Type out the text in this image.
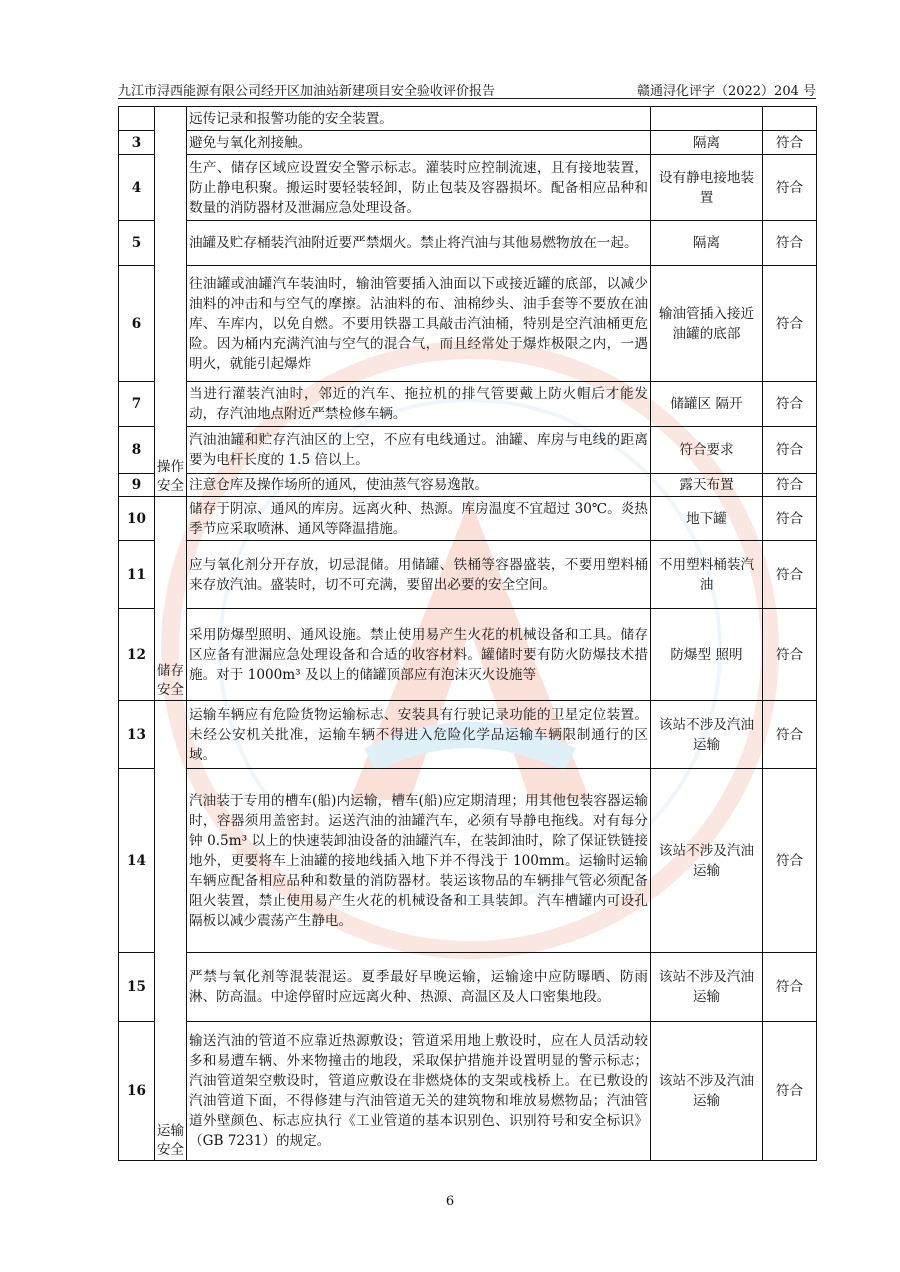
九江市浔西能源有限公司经开区加油站新建项目安全验收评价报告	赣通浔化评字（2022）204 号
	操作安全	远传记录和报警功能的安全装置。		
3		避免与氧化剂接触。	隔离	符合
4		生产、储存区域应设置安全警示标志。灌装时应控制流速，且有接地装置，防止静电积聚。搬运时要轻装轻卸，防止包装及容器损坏。配备相应品种和数量的消防器材及泄漏应急处理设备。	设有静电接地装置	符合
5		油罐及贮存桶装汽油附近要严禁烟火。禁止将汽油与其他易燃物放在一起。	隔离	符合
6		往油罐或油罐汽车装油时，输油管要插入油面以下或接近罐的底部，以减少油料的冲击和与空气的摩擦。沾油料的布、油棉纱头、油手套等不要放在油库、车库内，以免自燃。不要用铁器工具敲击汽油桶，特别是空汽油桶更危险。因为桶内充满汽油与空气的混合气，而且经常处于爆炸极限之内，一遇明火，就能引起爆炸	输油管插入接近油罐的底部	符合
7		当进行灌装汽油时，邻近的汽车、拖拉机的排气管要戴上防火帽后才能发动，存汽油地点附近严禁检修车辆。	储罐区 隔开	符合
8		汽油油罐和贮存汽油区的上空，不应有电线通过。油罐、库房与电线的距离要为电杆长度的 1.5 倍以上。	符合要求	符合
9		注意仓库及操作场所的通风，使油蒸气容易逸散。	露天布置	符合
10	储存安全	储存于阴凉、通风的库房。远离火种、热源。库房温度不宜超过 30℃。炎热季节应采取喷淋、通风等降温措施。	地下罐	符合
11		应与氧化剂分开存放，切忌混储。用储罐、铁桶等容器盛装，不要用塑料桶来存放汽油。盛装时，切不可充满，要留出必要的安全空间。	不用塑料桶装汽油	符合
12		采用防爆型照明、通风设施。禁止使用易产生火花的机械设备和工具。储存区应备有泄漏应急处理设备和合适的收容材料。罐储时要有防火防爆技术措施。对于 1000m³ 及以上的储罐顶部应有泡沫灭火设施等	防爆型 照明	符合
13	运输安全	运输车辆应有危险货物运输标志、安装具有行驶记录功能的卫星定位装置。未经公安机关批准，运输车辆不得进入危险化学品运输车辆限制通行的区域。	该站不涉及汽油运输	符合
14		汽油装于专用的槽车(船)内运输，槽车(船)应定期清理；用其他包装容器运输时，容器须用盖密封。运送汽油的油罐汽车，必须有导静电拖线。对有每分钟 0.5m³ 以上的快速装卸油设备的油罐汽车，在装卸油时，除了保证铁链接地外，更要将车上油罐的接地线插入地下并不得浅于 100mm。运输时运输车辆应配备相应品种和数量的消防器材。装运该物品的车辆排气管必须配备阻火装置，禁止使用易产生火花的机械设备和工具装卸。汽车槽罐内可设孔隔板以减少震荡产生静电。	该站不涉及汽油运输	符合
15		严禁与氧化剂等混装混运。夏季最好早晚运输，运输途中应防曝晒、防雨淋、防高温。中途停留时应远离火种、热源、高温区及人口密集地段。	该站不涉及汽油运输	符合
16		输送汽油的管道不应靠近热源敷设；管道采用地上敷设时，应在人员活动较多和易遭车辆、外来物撞击的地段，采取保护措施并设置明显的警示标志；汽油管道架空敷设时，管道应敷设在非燃烧体的支架或栈桥上。在已敷设的汽油管道下面，不得修建与汽油管道无关的建筑物和堆放易燃物品；汽油管道外壁颜色、标志应执行《工业管道的基本识别色、识别符号和安全标识》（GB 7231）的规定。	该站不涉及汽油运输	符合
6
